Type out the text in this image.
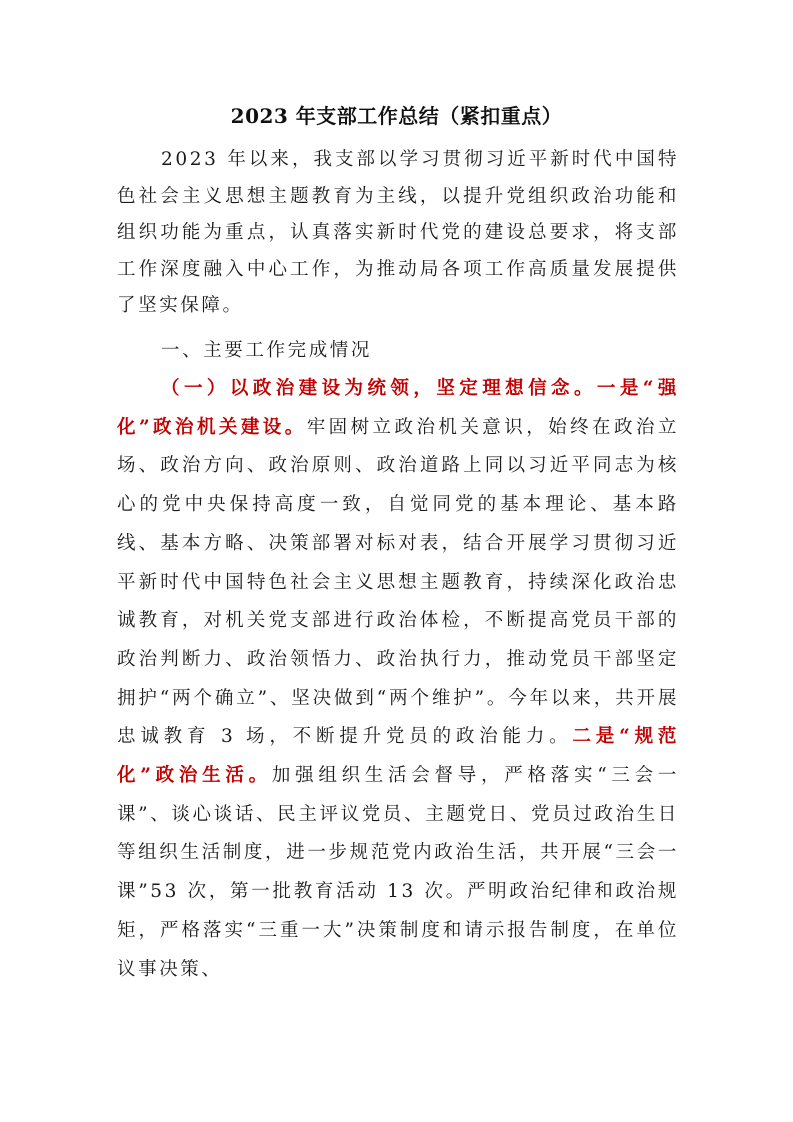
2023 年支部工作总结（紧扣重点）

2023 年以来，我支部以学习贯彻习近平新时代中国特色社会主义思想主题教育为主线，以提升党组织政治功能和组织功能为重点，认真落实新时代党的建设总要求，将支部工作深度融入中心工作，为推动局各项工作高质量发展提供了坚实保障。

一、主要工作完成情况

（一）以政治建设为统领，坚定理想信念。一是“强化”政治机关建设。牢固树立政治机关意识，始终在政治立场、政治方向、政治原则、政治道路上同以习近平同志为核心的党中央保持高度一致，自觉同党的基本理论、基本路线、基本方略、决策部署对标对表，结合开展学习贯彻习近平新时代中国特色社会主义思想主题教育，持续深化政治忠诚教育，对机关党支部进行政治体检，不断提高党员干部的政治判断力、政治领悟力、政治执行力，推动党员干部坚定拥护“两个确立”、坚决做到“两个维护”。今年以来，共开展忠诚教育 3 场，不断提升党员的政治能力。二是“规范化”政治生活。加强组织生活会督导，严格落实“三会一课”、谈心谈话、民主评议党员、主题党日、党员过政治生日等组织生活制度，进一步规范党内政治生活，共开展“三会一课”53 次，第一批教育活动 13 次。严明政治纪律和政治规矩，严格落实“三重一大”决策制度和请示报告制度，在单位议事决策、
